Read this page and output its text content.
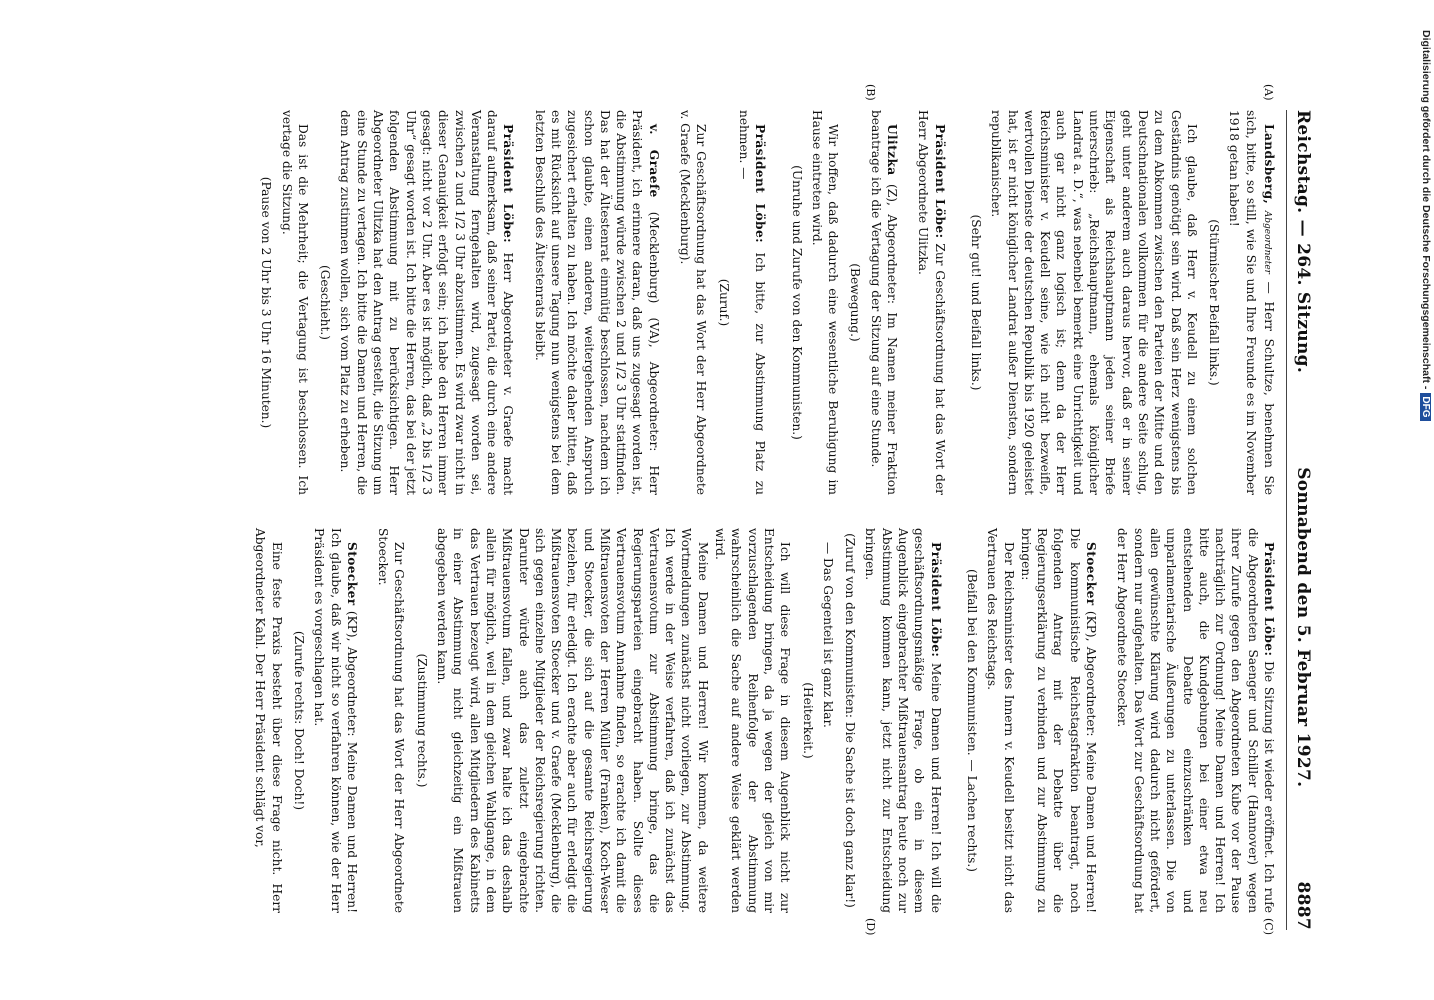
Reichstag. — 264. Sitzung.
Sonnabend den 5. Februar 1927.
8887
(A)
(B)
(C)
(D)

Landsberg, Abgeordneter — Herr Schultze, benehmen Sie sich, bitte, so still, wie Sie und Ihre Freunde es im November 1918 getan haben!

(Stürmischer Beifall links.)

Ich glaube, daß Herr v. Keudell zu einem solchen Geständnis genötigt sein wird. Daß sein Herz wenigstens bis zu dem Abkommen zwischen den Parteien der Mitte und den Deutschnationalen vollkommen für die andere Seite schlug, geht unter anderem auch daraus hervor, daß er in seiner Eigenschaft als Reichshauptmann jeden seiner Briefe unterschrieb: „Reichshauptmann, ehemals königlicher Landrat a. D.“, was nebenbei bemerkt eine Unrichtigkeit und auch gar nicht ganz logisch ist; denn da der Herr Reichsminister v. Keudell seine, wie ich nicht bezweifle, wertvollen Dienste der deutschen Republik bis 1920 geleistet hat, ist er nicht königlicher Landrat außer Diensten, sondern republikanischer.

(Sehr gut! und Beifall links.)

Präsident Löbe: Zur Geschäftsordnung hat das Wort der Herr Abgeordnete Ulitzka.

Ulitzka (Z), Abgeordneter: Im Namen meiner Fraktion beantrage ich die Vertagung der Sitzung auf eine Stunde.

(Bewegung.)

Wir hoffen, daß dadurch eine wesentliche Beruhigung im Hause eintreten wird.

(Unruhe und Zurufe von den Kommunisten.)

Präsident Löbe: Ich bitte, zur Abstimmung Platz zu nehmen. —

(Zuruf.)

Zur Geschäftsordnung hat das Wort der Herr Abgeordnete v. Graefe (Mecklenburg).

v. Graefe (Mecklenburg) (VA), Abgeordneter: Herr Präsident, ich erinnere daran, daß uns zugesagt worden ist, die Abstimmung würde zwischen 2 und 1/2 3 Uhr stattfinden. Das hat der Ältestenrat einmütig beschlossen, nachdem ich schon glaubte, einen anderen, weitergehenden Anspruch zugesichert erhalten zu haben. Ich möchte daher bitten, daß es mit Rücksicht auf unsere Tagung nun wenigstens bei dem letzten Beschluß des Ältestenrats bleibt.

Präsident Löbe: Herr Abgeordneter v. Graefe macht darauf aufmerksam, daß seiner Partei, die durch eine andere Veranstaltung ferngehalten wird, zugesagt worden sei, zwischen 2 und 1/2 3 Uhr abzustimmen. Es wird zwar nicht in dieser Genauigkeit erfolgt sein; ich habe den Herren immer gesagt: nicht vor 2 Uhr. Aber es ist möglich, daß „2 bis 1/2 3 Uhr“ gesagt worden ist. Ich bitte die Herren, das bei der jetzt folgenden Abstimmung mit zu berücksichtigen. Herr Abgeordneter Ulitzka hat den Antrag gestellt, die Sitzung um eine Stunde zu vertagen. Ich bitte die Damen und Herren, die dem Antrag zustimmen wollen, sich vom Platz zu erheben.

(Geschieht.)

Das ist die Mehrheit; die Vertagung ist beschlossen. Ich vertage die Sitzung.

(Pause von 2 Uhr bis 3 Uhr 16 Minuten.)

Präsident Löbe: Die Sitzung ist wieder eröffnet. Ich rufe die Abgeordneten Saenger und Schiller (Hannover) wegen ihrer Zurufe gegen den Abgeordneten Kube vor der Pause nachträglich zur Ordnung! Meine Damen und Herren! Ich bitte auch, die Kundgebungen bei einer etwa neu entstehenden Debatte einzuschränken und unparlamentarische Äußerungen zu unterlassen. Die von allen gewünschte Klärung wird dadurch nicht gefördert, sondern nur aufgehalten. Das Wort zur Geschäftsordnung hat der Herr Abgeordnete Stoecker.

Stoecker (KP), Abgeordneter: Meine Damen und Herren! Die kommunistische Reichstagsfraktion beantragt, noch folgenden Antrag mit der Debatte über die Regierungserklärung zu verbinden und zur Abstimmung zu bringen:

Der Reichsminister des Innern v. Keudell besitzt nicht das Vertrauen des Reichstags.

(Beifall bei den Kommunisten. — Lachen rechts.)

Präsident Löbe: Meine Damen und Herren! Ich will die geschäftsordnungsmäßige Frage, ob ein in diesem Augenblick eingebrachter Mißtrauensantrag heute noch zur Abstimmung kommen kann, jetzt nicht zur Entscheidung bringen.

(Zuruf von den Kommunisten: Die Sache ist doch ganz klar!)

— Das Gegenteil ist ganz klar.

(Heiterkeit.)

Ich will diese Frage in diesem Augenblick nicht zur Entscheidung bringen, da ja wegen der gleich von mir vorzuschlagenden Reihenfolge der Abstimmung wahrscheinlich die Sache auf andere Weise geklärt werden wird.

Meine Damen und Herren! Wir kommen, da weitere Wortmeldungen zunächst nicht vorliegen, zur Abstimmung. Ich werde in der Weise verfahren, daß ich zunächst das Vertrauensvotum zur Abstimmung bringe, das die Regierungsparteien eingebracht haben. Sollte dieses Vertrauensvotum Annahme finden, so erachte ich damit die Mißtrauensvoten der Herren Müller (Franken), Koch-Weser und Stoecker, die sich auf die gesamte Reichsregierung beziehen, für erledigt. Ich erachte aber auch für erledigt die Mißtrauensvoten Stoecker und v. Graefe (Mecklenburg), die sich gegen einzelne Mitglieder der Reichsregierung richten. Darunter würde auch das zuletzt eingebrachte Mißtrauensvotum fallen, und zwar halte ich das deshalb allein für möglich, weil in dem gleichen Wahlgange, in dem das Vertrauen bezeugt wird, allen Mitgliedern des Kabinetts in einer Abstimmung nicht gleichzeitig ein Mißtrauen abgegeben werden kann.

(Zustimmung rechts.)

Zur Geschäftsordnung hat das Wort der Herr Abgeordnete Stoecker.

Stoecker (KP), Abgeordneter: Meine Damen und Herren! Ich glaube, daß wir nicht so verfahren können, wie der Herr Präsident es vorgeschlagen hat.

(Zurufe rechts: Doch! Doch!)

Eine feste Praxis besteht über diese Frage nicht. Herr Abgeordneter Kahl. Der Herr Präsident schlägt vor,

Digitalisierung gefördert durch die Deutsche Forschungsgemeinschaft -DFG
